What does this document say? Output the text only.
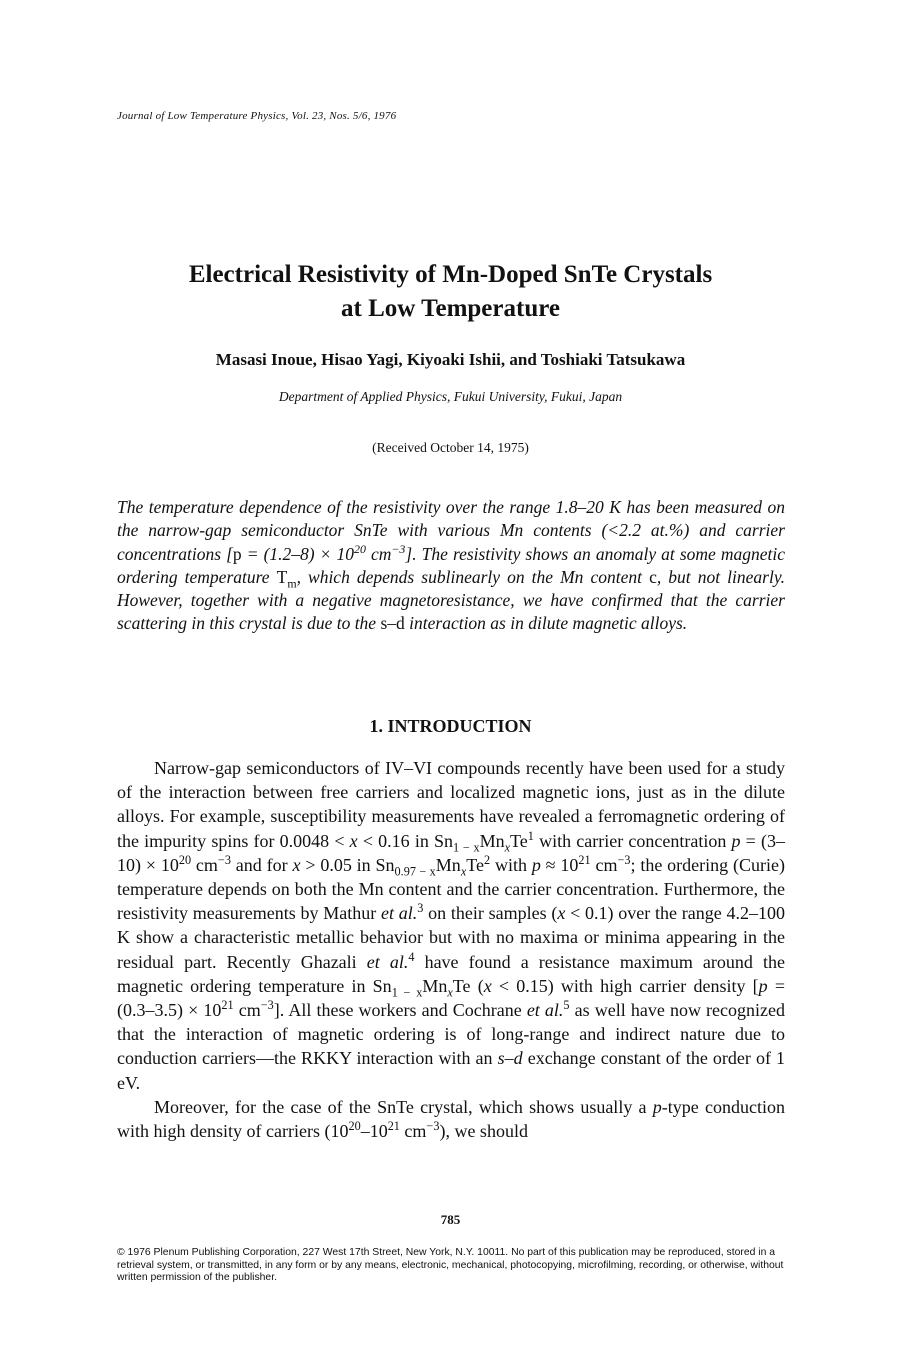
Journal of Low Temperature Physics, Vol. 23, Nos. 5/6, 1976
Electrical Resistivity of Mn-Doped SnTe Crystals
at Low Temperature
Masasi Inoue, Hisao Yagi, Kiyoaki Ishii, and Toshiaki Tatsukawa
Department of Applied Physics, Fukui University, Fukui, Japan
(Received October 14, 1975)

The temperature dependence of the resistivity over the range 1.8–20 K has been measured on the narrow-gap semiconductor SnTe with various Mn contents (<2.2 at.%) and carrier concentrations [$p = (1.2-8) \times 10^{20}$ $cm^{-3}$]. The resistivity shows an anomaly at some magnetic ordering temperature $T_m$, which depends sublinearly on the Mn content c, but not linearly. However, together with a negative magnetoresistance, we have confirmed that the carrier scattering in this crystal is due to the s–d interaction as in dilute magnetic alloys.

1. INTRODUCTION

Narrow-gap semiconductors of IV–VI compounds recently have been used for a study of the interaction between free carriers and localized magnetic ions, just as in the dilute alloys. For example, susceptibility measurements have revealed a ferromagnetic ordering of the impurity spins for 0.0048 < x < 0.16 in $Sn_{1 - x}Mn_xTe^1$ with carrier concentration $p = (3-10) \times 10^{20}$ $cm^{-3}$ and for x > 0.05 in $Sn_{0.97 - x}Mn_xTe^2$ with $p \approx 10^{21}$ $cm^{-3}$; the ordering (Curie) temperature depends on both the Mn content and the carrier concentration. Furthermore, the resistivity measurements by Mathur et al.$^3$ on their samples (x < 0.1) over the range 4.2–100 K show a characteristic metallic behavior but with no maxima or minima appearing in the residual part. Recently Ghazali et al.$^4$ have found a resistance maximum around the magnetic ordering temperature in $Sn_{1 - x}Mn_xTe$ (x < 0.15) with high carrier density [$p = (0.3-3.5) \times 10^{21}$ $cm^{-3}$]. All these workers and Cochrane et al.$^5$ as well have now recognized that the interaction of magnetic ordering is of long-range and indirect nature due to conduction carriers—the RKKY interaction with an s–d exchange constant of the order of 1 eV.

Moreover, for the case of the SnTe crystal, which shows usually a p-type conduction with high density of carriers ($10^{20}-10^{21}$ $cm^{-3}$), we should

785

© 1976 Plenum Publishing Corporation, 227 West 17th Street, New York, N.Y. 10011. No part of this publication may be reproduced, stored in a retrieval system, or transmitted, in any form or by any means, electronic, mechanical, photocopying, microfilming, recording, or otherwise, without written permission of the publisher.
